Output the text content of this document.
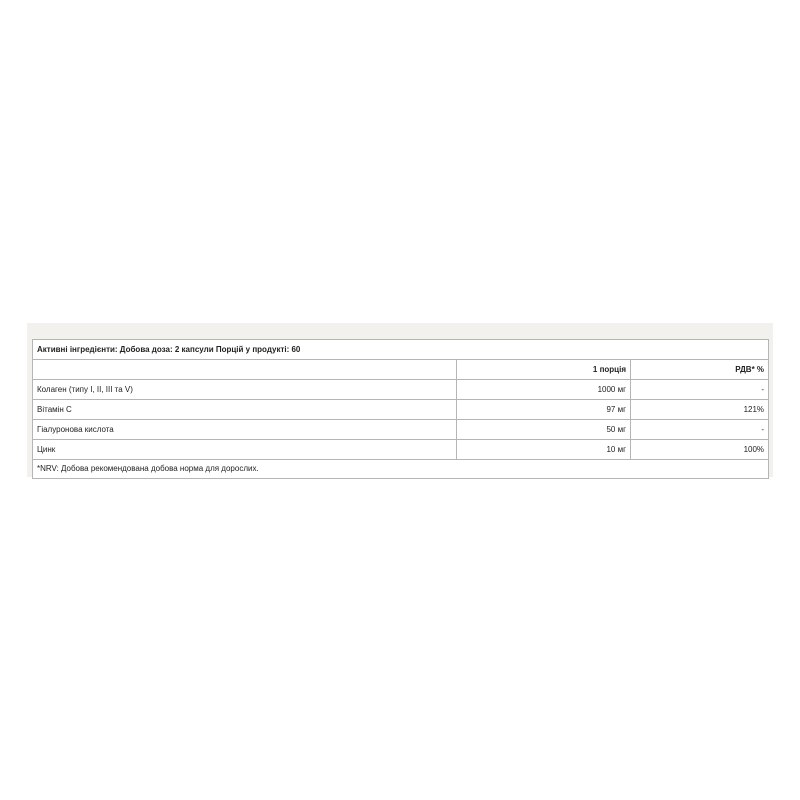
Активні інгредієнти: Добова доза: 2 капсули Порцій у продукті: 60		
	1 порція	РДВ* %
Колаген (типу I, II, III та V)	1000 мг	-
Вітамін С	97 мг	121%
Гіалуронова кислота	50 мг	-
Цинк	10 мг	100%
*NRV: Добова рекомендована добова норма для дорослих.		
